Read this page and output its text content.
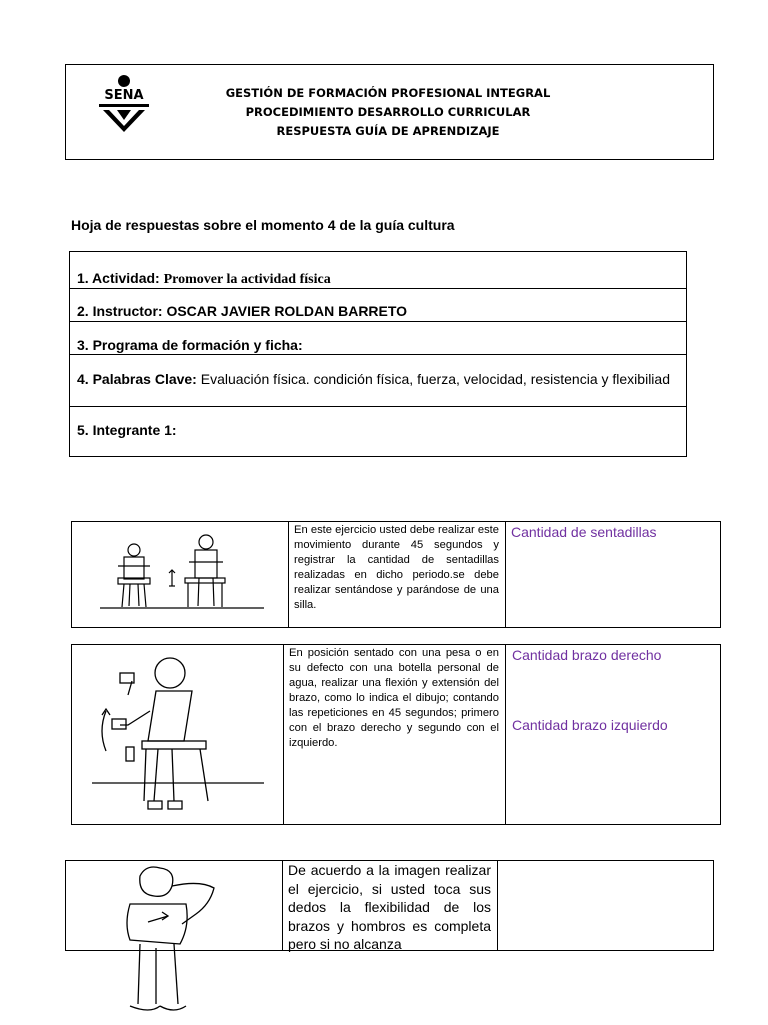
SENA	GESTIÓN DE FORMACIÓN PROFESIONAL INTEGRAL
PROCEDIMIENTO DESARROLLO CURRICULAR
RESPUESTA GUÍA DE APRENDIZAJE
Hoja de respuestas sobre el momento 4 de la guía cultura
1. Actividad: Promover la actividad física
2. Instructor: OSCAR JAVIER ROLDAN BARRETO
3. Programa de formación y ficha:
4. Palabras Clave: Evaluación física. condición física, fuerza, velocidad, resistencia y flexibiliad
5. Integrante 1:
En este ejercicio usted debe realizar este movimiento durante 45 segundos y registrar la cantidad de sentadillas realizadas en dicho periodo.se debe realizar sentándose y parándose de una silla.
Cantidad de sentadillas
En posición sentado con una pesa o en su defecto con una botella personal de agua, realizar una flexión y extensión del brazo, como lo indica el dibujo; contando las repeticiones en 45 segundos; primero con el brazo derecho y segundo con el izquierdo.
Cantidad brazo derecho
Cantidad brazo izquierdo
De acuerdo a la imagen realizar el ejercicio, si usted toca sus dedos la flexibilidad de los brazos y hombros es completa pero si no alcanza
